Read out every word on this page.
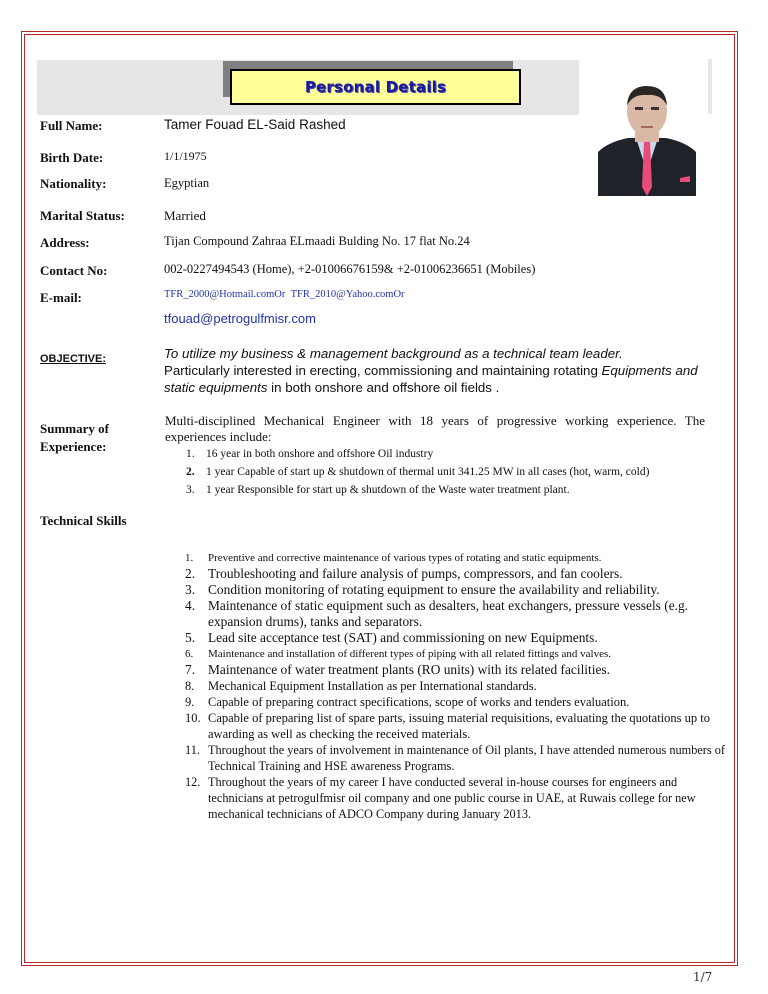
Personal Details
Full Name:	Tamer Fouad EL-Said Rashed
Birth Date:	1/1/1975
Nationality:	Egyptian
Marital Status:	Married
Address:	Tijan Compound Zahraa ELmaadi Bulding No. 17 flat No.24
Contact No:	002-0227494543 (Home), +2-01006676159& +2-01006236651 (Mobiles)
E-mail:	TFR_2000@Hotmail.comOr TFR_2010@Yahoo.comOr
tfouad@petrogulfmisr.com
OBJECTIVE:	To utilize my business & management background as a technical team leader.
Particularly interested in erecting, commissioning and maintaining rotating Equipments and static equipments in both onshore and offshore oil fields .
Summary of
Experience:
Multi-disciplined Mechanical Engineer with 18 years of progressive working experience. The experiences include:
1. 16 year in both onshore and offshore Oil industry
2. 1 year Capable of start up & shutdown of thermal unit 341.25 MW in all cases (hot, warm, cold)
3. 1 year Responsible for start up & shutdown of the Waste water treatment plant.
Technical Skills
1.	Preventive and corrective maintenance of various types of rotating and static equipments.
2. Troubleshooting and failure analysis of pumps, compressors, and fan coolers.
3. Condition monitoring of rotating equipment to ensure the availability and reliability.
4. Maintenance of static equipment such as desalters, heat exchangers, pressure vessels (e.g. expansion drums), tanks and separators.
5. Lead site acceptance test (SAT) and commissioning on new Equipments.
6.	Maintenance and installation of different types of piping with all related fittings and valves.
7. Maintenance of water treatment plants (RO units) with its related facilities.
8.	Mechanical Equipment Installation as per International standards.
9.	Capable of preparing contract specifications, scope of works and tenders evaluation.
10. Capable of preparing list of spare parts, issuing material requisitions, evaluating the quotations up to awarding as well as checking the received materials.
11. Throughout the years of involvement in maintenance of Oil plants, I have attended numerous numbers of Technical Training and HSE awareness Programs.
12. Throughout the years of my career I have conducted several in-house courses for engineers and technicians at petrogulfmisr oil company and one public course in UAE, at Ruwais college for new mechanical technicians of ADCO Company during January 2013.
1/7
